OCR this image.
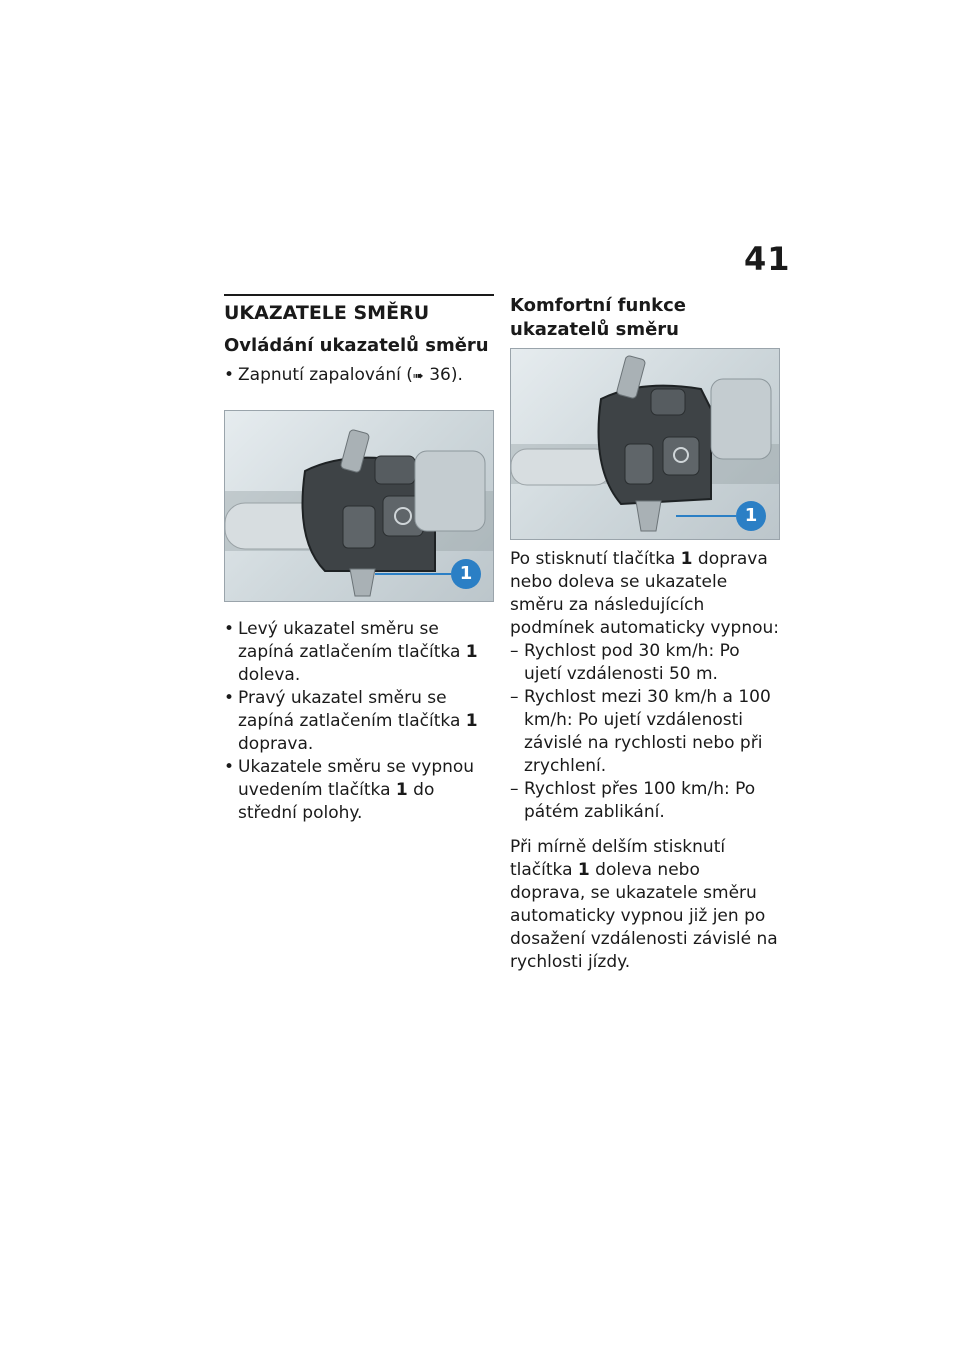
41
UKAZATELE SMĚRU
Ovládání ukazatelů směru
• Zapnutí zapalování (➠ 36).
1
• Levý ukazatel směru se zapíná zatlačením tlačítka 1 doleva.
• Pravý ukazatel směru se zapíná zatlačením tlačítka 1 doprava.
• Ukazatele směru se vypnou uvedením tlačítka 1 do střední polohy.
Komfortní funkce ukazatelů směru
1
Po stisknutí tlačítka 1 doprava nebo doleva se ukazatele směru za následujících podmínek automaticky vypnou:
– Rychlost pod 30 km/h: Po ujetí vzdálenosti 50 m.
– Rychlost mezi 30 km/h a 100 km/h: Po ujetí vzdálenosti závislé na rychlosti nebo při zrychlení.
– Rychlost přes 100 km/h: Po pátém zablikání.
Při mírně delším stisknutí tlačítka 1 doleva nebo doprava, se ukazatele směru automaticky vypnou již jen po dosažení vzdálenosti závislé na rychlosti jízdy.
